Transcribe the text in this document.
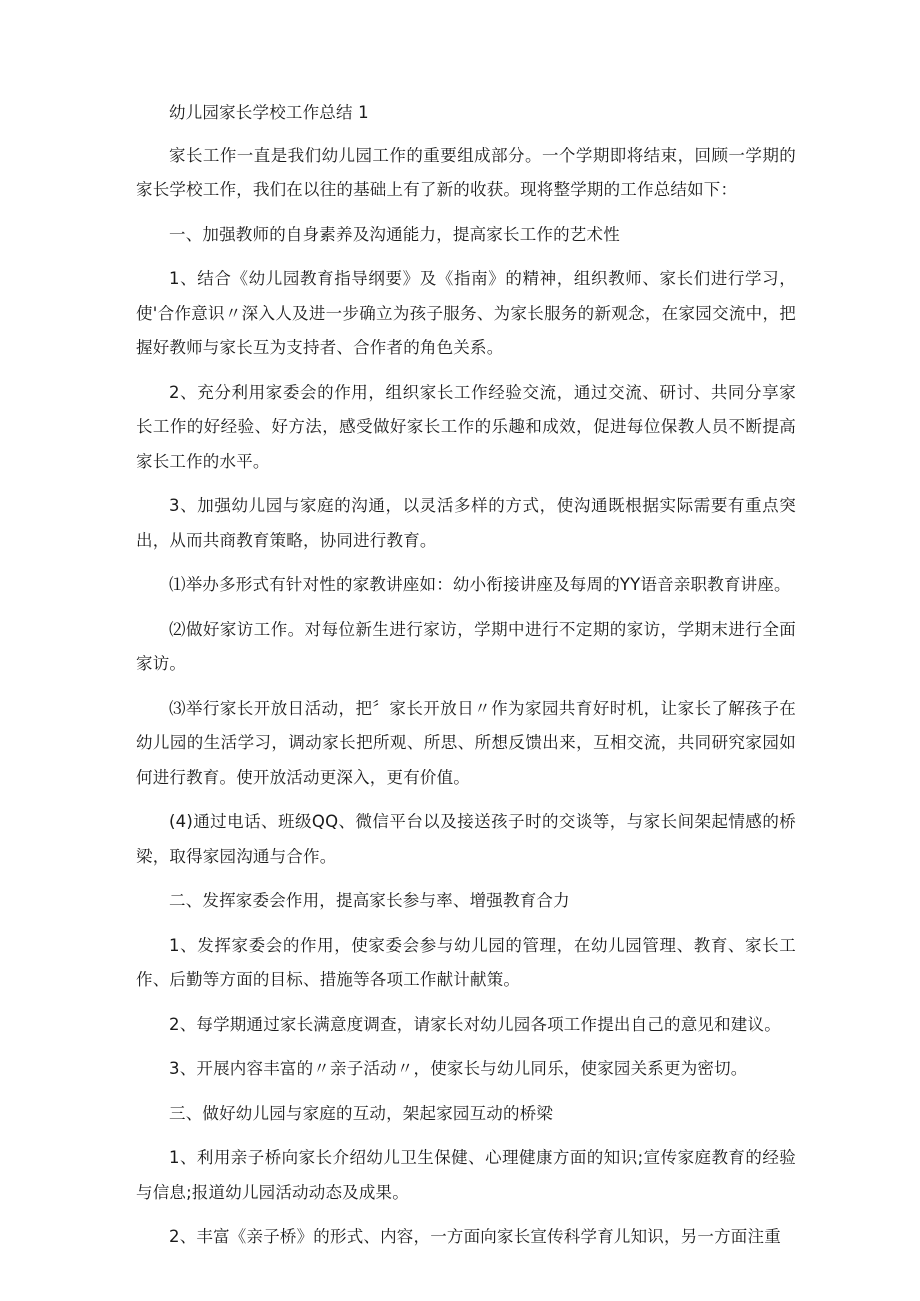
幼儿园家长学校工作总结 1

家长工作一直是我们幼儿园工作的重要组成部分。一个学期即将结束，回顾一学期的家长学校工作，我们在以往的基础上有了新的收获。现将整学期的工作总结如下：

一、加强教师的自身素养及沟通能力，提高家长工作的艺术性

1、结合《幼儿园教育指导纲要》及《指南》的精神，组织教师、家长们进行学习，使'合作意识〃深入人及进一步确立为孩子服务、为家长服务的新观念，在家园交流中，把握好教师与家长互为支持者、合作者的角色关系。

2、充分利用家委会的作用，组织家长工作经验交流，通过交流、研讨、共同分享家长工作的好经验、好方法，感受做好家长工作的乐趣和成效，促进每位保教人员不断提高家长工作的水平。

3、加强幼儿园与家庭的沟通，以灵活多样的方式，使沟通既根据实际需要有重点突出，从而共商教育策略，协同进行教育。

⑴举办多形式有针对性的家教讲座如：幼小衔接讲座及每周的YY语音亲职教育讲座。

⑵做好家访工作。对每位新生进行家访，学期中进行不定期的家访，学期末进行全面家访。

⑶举行家长开放日活动，把〞家长开放日〃作为家园共育好时机，让家长了解孩子在幼儿园的生活学习，调动家长把所观、所思、所想反馈出来，互相交流，共同研究家园如何进行教育。使开放活动更深入，更有价值。

(4)通过电话、班级QQ、微信平台以及接送孩子时的交谈等，与家长间架起情感的桥梁，取得家园沟通与合作。

二、发挥家委会作用，提高家长参与率、增强教育合力

1、发挥家委会的作用，使家委会参与幼儿园的管理，在幼儿园管理、教育、家长工作、后勤等方面的目标、措施等各项工作献计献策。

2、每学期通过家长满意度调查，请家长对幼儿园各项工作提出自己的意见和建议。

3、开展内容丰富的〃亲子活动〃，使家长与幼儿同乐，使家园关系更为密切。

三、做好幼儿园与家庭的互动，架起家园互动的桥梁

1、利用亲子桥向家长介绍幼儿卫生保健、心理健康方面的知识;宣传家庭教育的经验与信息;报道幼儿园活动动态及成果。

2、丰富《亲子桥》的形式、内容，一方面向家长宣传科学育儿知识，另一方面注重
